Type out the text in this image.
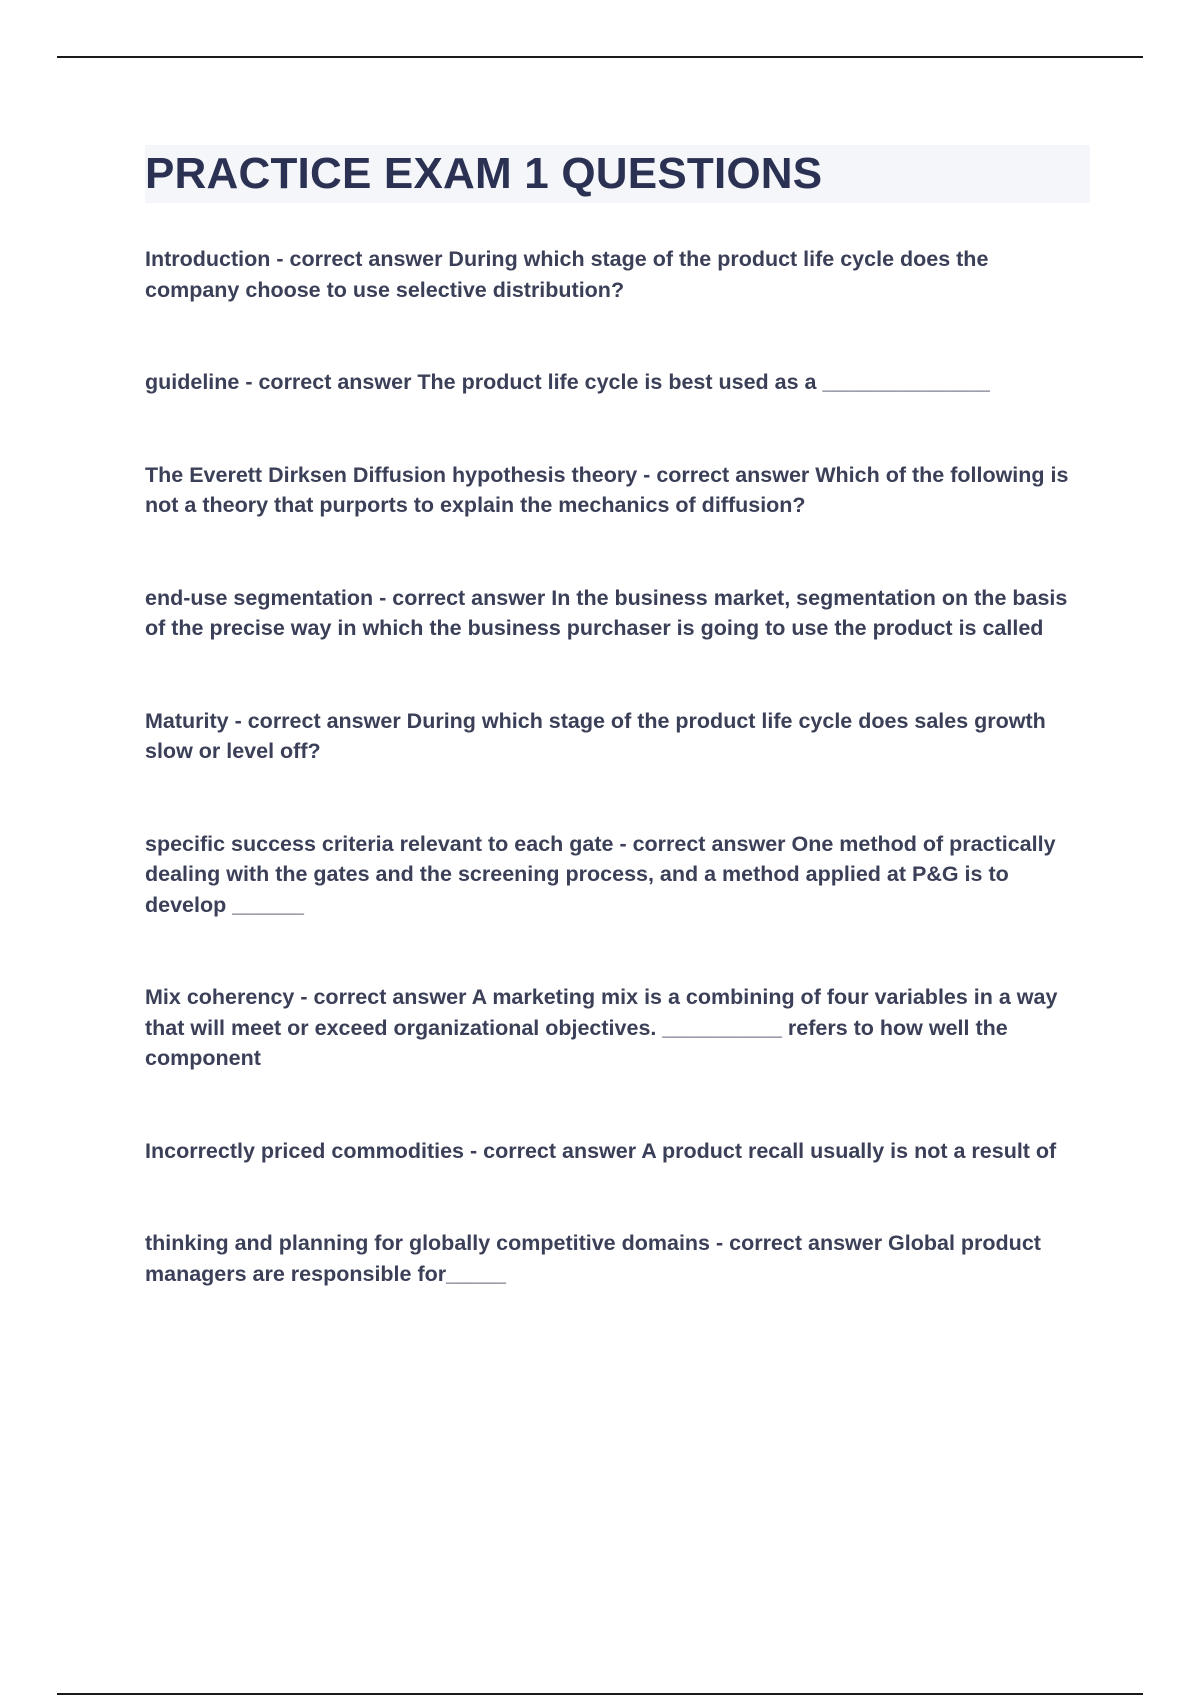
PRACTICE EXAM 1 QUESTIONS

Introduction - correct answer During which stage of the product life cycle does the company choose to use selective distribution?

guideline - correct answer The product life cycle is best used as a ______________

The Everett Dirksen Diffusion hypothesis theory - correct answer Which of the following is not a theory that purports to explain the mechanics of diffusion?

end-use segmentation - correct answer In the business market, segmentation on the basis of the precise way in which the business purchaser is going to use the product is called

Maturity - correct answer During which stage of the product life cycle does sales growth slow or level off?

specific success criteria relevant to each gate - correct answer One method of practically dealing with the gates and the screening process, and a method applied at P&G is to develop ______

Mix coherency - correct answer A marketing mix is a combining of four variables in a way that will meet or exceed organizational objectives. __________ refers to how well the component

Incorrectly priced commodities - correct answer A product recall usually is not a result of

thinking and planning for globally competitive domains - correct answer Global product managers are responsible for_____
